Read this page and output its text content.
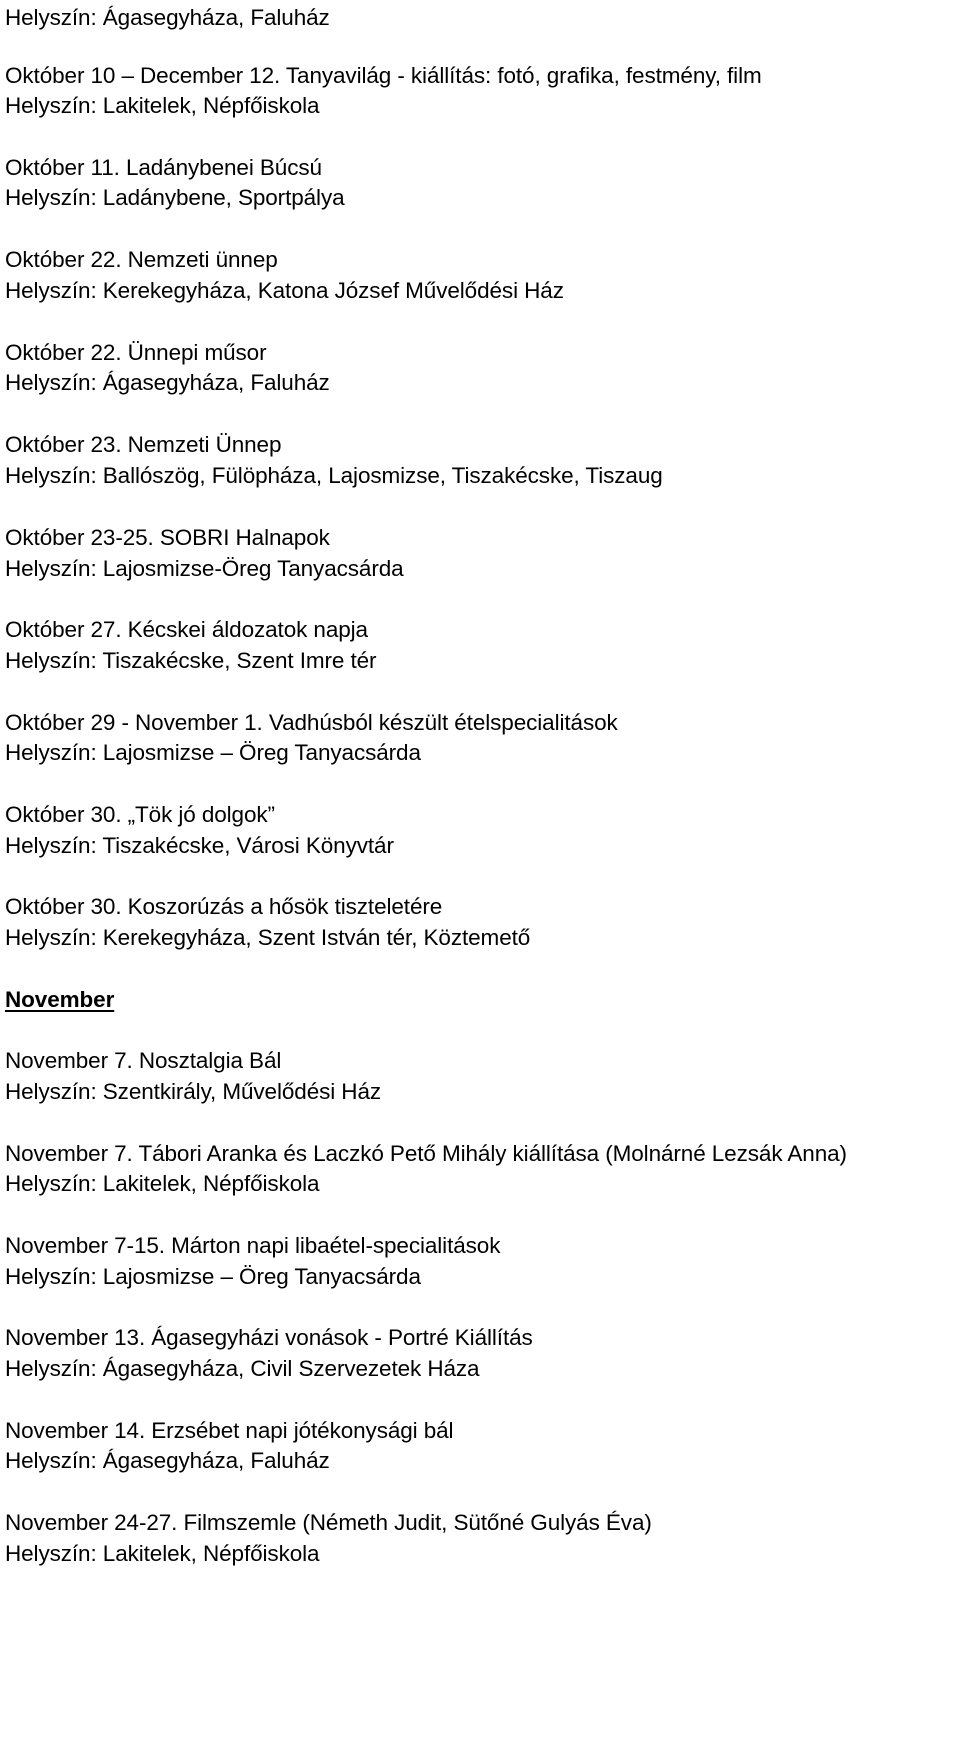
Helyszín: Ágasegyháza, Faluház
Október 10 – December 12. Tanyavilág - kiállítás: fotó, grafika, festmény, film
Helyszín: Lakitelek, Népfőiskola
Október 11. Ladánybenei Búcsú
Helyszín: Ladánybene, Sportpálya
Október 22. Nemzeti ünnep
Helyszín: Kerekegyháza, Katona József Művelődési Ház
Október 22. Ünnepi műsor
Helyszín: Ágasegyháza, Faluház
Október 23. Nemzeti Ünnep
Helyszín: Ballószög, Fülöpháza, Lajosmizse, Tiszakécske, Tiszaug
Október 23-25. SOBRI Halnapok
Helyszín: Lajosmizse-Öreg Tanyacsárda
Október 27. Kécskei áldozatok napja
Helyszín: Tiszakécske, Szent Imre tér
Október 29 - November 1. Vadhúsból készült ételspecialitások
Helyszín: Lajosmizse – Öreg Tanyacsárda
Október 30. „Tök jó dolgok”
Helyszín: Tiszakécske, Városi Könyvtár
Október 30. Koszorúzás a hősök tiszteletére
Helyszín: Kerekegyháza, Szent István tér, Köztemető
November
November 7. Nosztalgia Bál
Helyszín: Szentkirály, Művelődési Ház
November 7. Tábori Aranka és Laczkó Pető Mihály kiállítása (Molnárné Lezsák Anna)
Helyszín: Lakitelek, Népfőiskola
November 7-15. Márton napi libaétel-specialitások
Helyszín: Lajosmizse – Öreg Tanyacsárda
November 13. Ágasegyházi vonások - Portré Kiállítás
Helyszín: Ágasegyháza, Civil Szervezetek Háza
November 14. Erzsébet napi jótékonysági bál
Helyszín: Ágasegyháza, Faluház
November 24-27. Filmszemle (Németh Judit, Sütőné Gulyás Éva)
Helyszín: Lakitelek, Népfőiskola
